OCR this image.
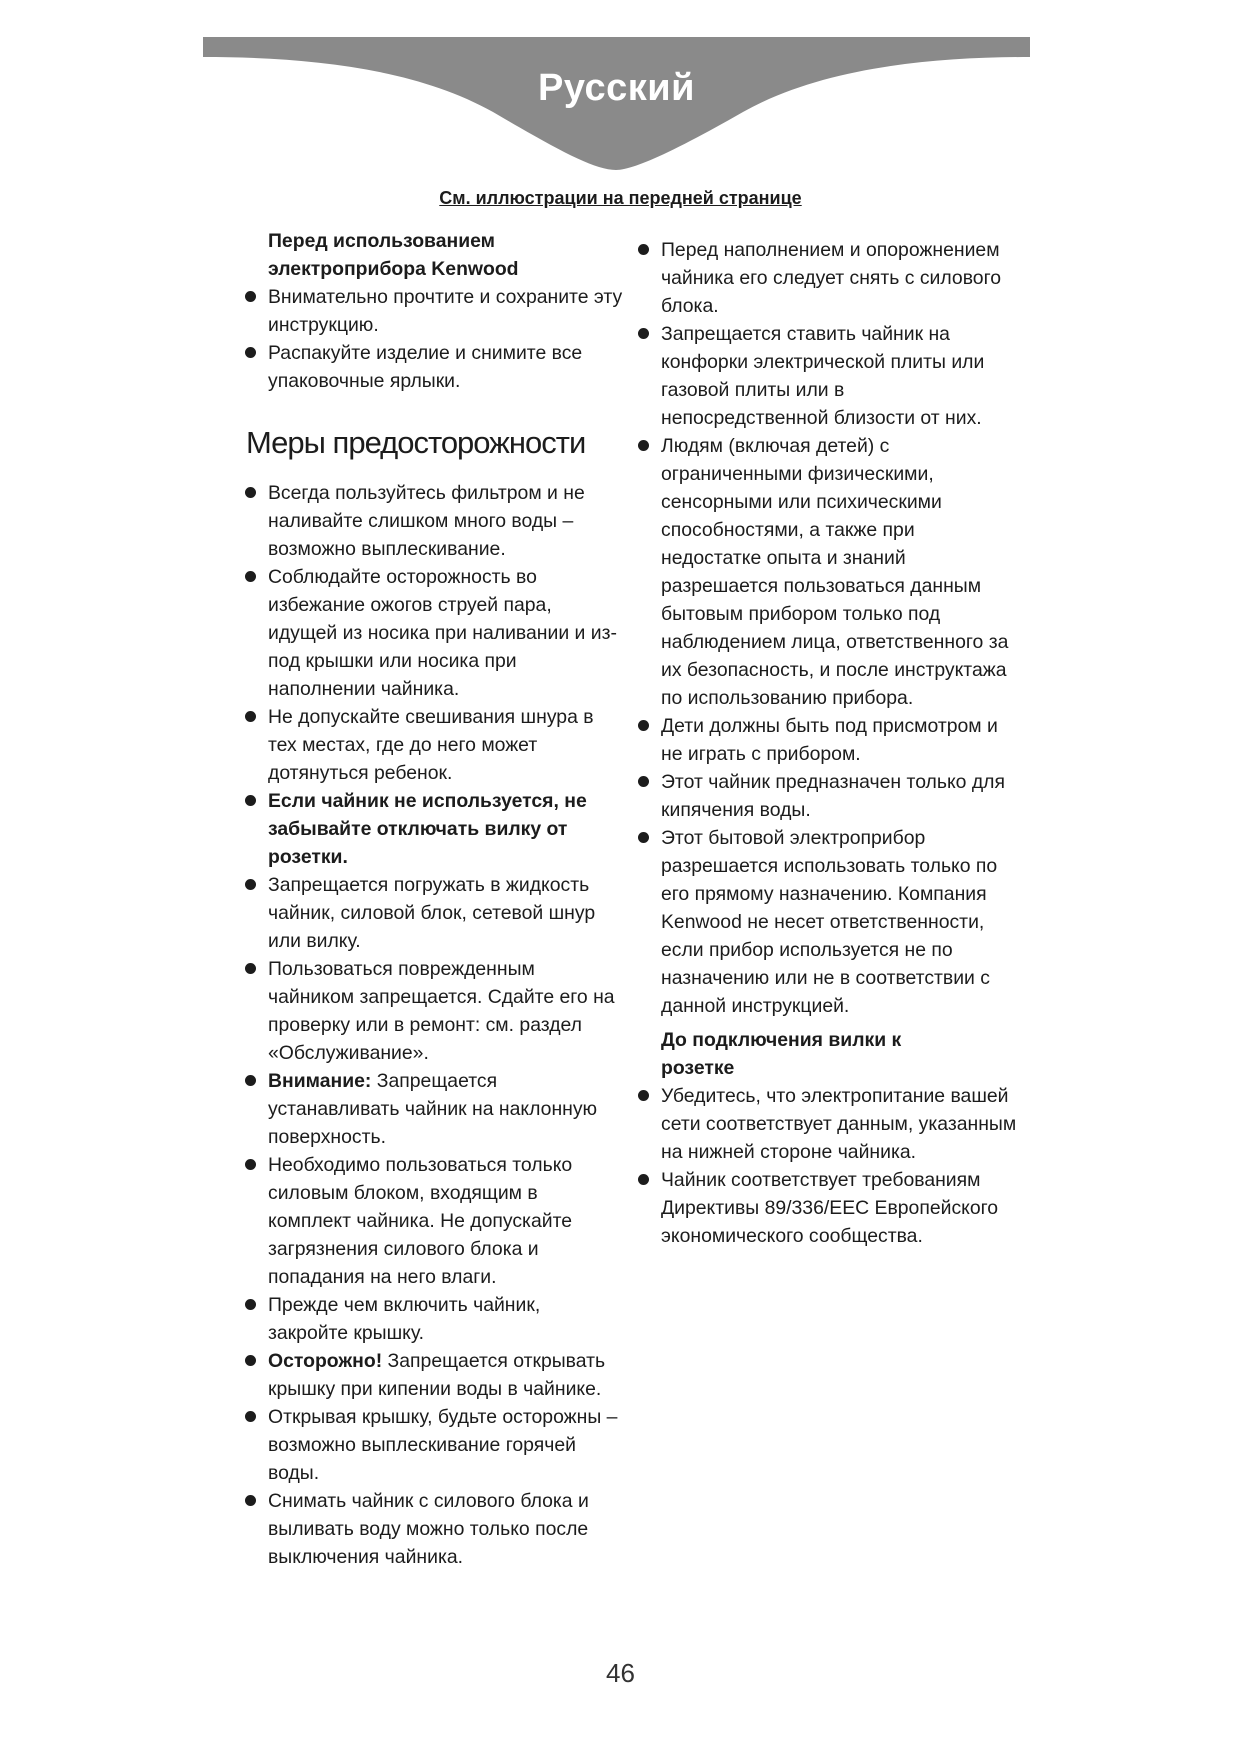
Русский
См. иллюстрации на передней странице

Перед использованием
электроприбора Kenwood

Внимательно прочтите и сохраните эту инструкцию.
Распакуйте изделие и снимите все упаковочные ярлыки.
Меры предосторожности
Всегда пользуйтесь фильтром и не наливайте слишком много воды – возможно выплескивание.
Соблюдайте осторожность во избежание ожогов струей пара, идущей из носика при наливании и из-под крышки или носика при наполнении чайника.
Не допускайте свешивания шнура в тех местах, где до него может дотянуться ребенок.
Если чайник не используется, не забывайте отключать вилку от розетки.
Запрещается погружать в жидкость чайник, силовой блок, сетевой шнур или вилку.
Пользоваться поврежденным чайником запрещается. Сдайте его на проверку или в ремонт: см. раздел «Обслуживание».
Внимание: Запрещается устанавливать чайник на наклонную поверхность.
Необходимо пользоваться только силовым блоком, входящим в комплект чайника. Не допускайте загрязнения силового блока и попадания на него влаги.
Прежде чем включить чайник, закройте крышку.
Осторожно! Запрещается открывать крышку при кипении воды в чайнике.
Открывая крышку, будьте осторожны – возможно выплескивание горячей воды.
Снимать чайник с силового блока и выливать воду можно только после выключения чайника.
Перед наполнением и опорожнением чайника его следует снять с силового блока.
Запрещается ставить чайник на конфорки электрической плиты или газовой плиты или в непосредственной близости от них.
Людям (включая детей) с ограниченными физическими, сенсорными или психическими способностями, а также при недостатке опыта и знаний разрешается пользоваться данным бытовым прибором только под наблюдением лица, ответственного за их безопасность, и после инструктажа по использованию прибора.
Дети должны быть под присмотром и не играть с прибором.
Этот чайник предназначен только для кипячения воды.
Этот бытовой электроприбор разрешается использовать только по его прямому назначению. Компания Kenwood не несет ответственности, если прибор используется не по назначению или не в соответствии с данной инструкцией.

До подключения вилки к
розетке

Убедитесь, что электропитание вашей сети соответствует данным, указанным на нижней стороне чайника.
Чайник соответствует требованиям Директивы 89/336/EEC Европейского экономического сообщества.
46
